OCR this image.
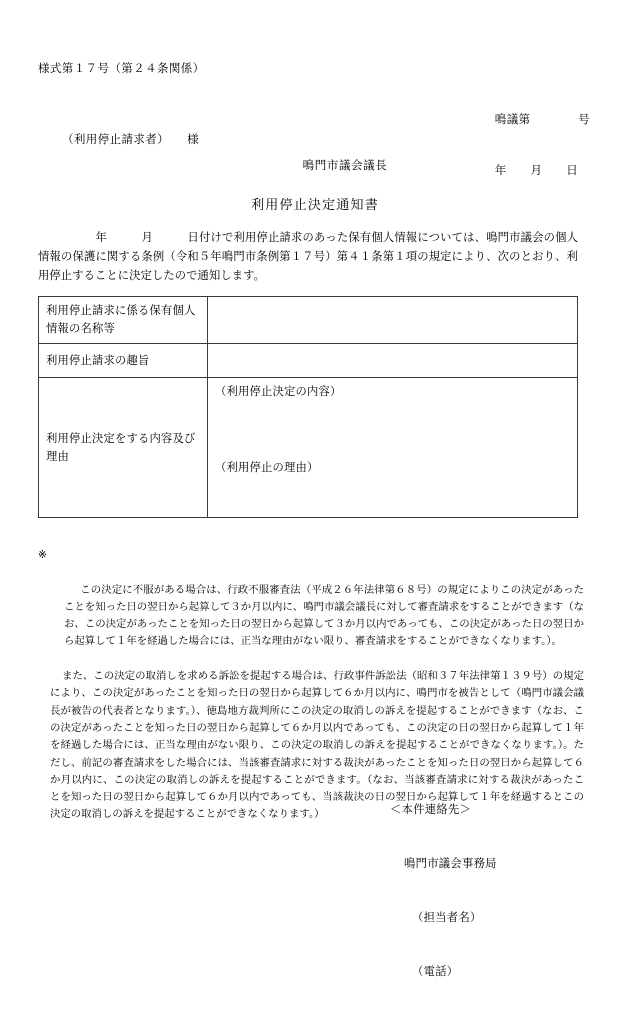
様式第１７号（第２４条関係）

鳴議第　　　　号

年　　月　　日

（利用停止請求者）　　様
鳴門市議会議長
利用停止決定通知書
　　　　　年　　　月　　　日付けで利用停止請求のあった保有個人情報については、鳴門市議会の個人情報の保護に関する条例（令和５年鳴門市条例第１７号）第４１条第１項の規定により、次のとおり、利用停止することに決定したので通知します。
利用停止請求に係る保有個人情報の名称等	
利用停止請求の趣旨	
利用停止決定をする内容及び理由	（利用停止決定の内容）
（利用停止の理由）

※

この決定に不服がある場合は、行政不服審査法（平成２６年法律第６８号）の規定によりこの決定があったことを知った日の翌日から起算して３か月以内に、鳴門市議会議長に対して審査請求をすることができます（なお、この決定があったことを知った日の翌日から起算して３か月以内であっても、この決定があった日の翌日から起算して１年を経過した場合には、正当な理由がない限り、審査請求をすることができなくなります。）。

また、この決定の取消しを求める訴訟を提起する場合は、行政事件訴訟法（昭和３７年法律第１３９号）の規定により、この決定があったことを知った日の翌日から起算して６か月以内に、鳴門市を被告として（鳴門市議会議長が被告の代表者となります。）、徳島地方裁判所にこの決定の取消しの訴えを提起することができます（なお、この決定があったことを知った日の翌日から起算して６か月以内であっても、この決定の日の翌日から起算して１年を経過した場合には、正当な理由がない限り、この決定の取消しの訴えを提起することができなくなります。）。ただし、前記の審査請求をした場合には、当該審査請求に対する裁決があったことを知った日の翌日から起算して６か月以内に、この決定の取消しの訴えを提起することができます。（なお、当該審査請求に対する裁決があったことを知った日の翌日から起算して６か月以内であっても、当該裁決の日の翌日から起算して１年を経過するとこの決定の取消しの訴えを提起することができなくなります。）

	＜本件連絡先＞

鳴門市議会事務局

（担当者名）

（電話）
